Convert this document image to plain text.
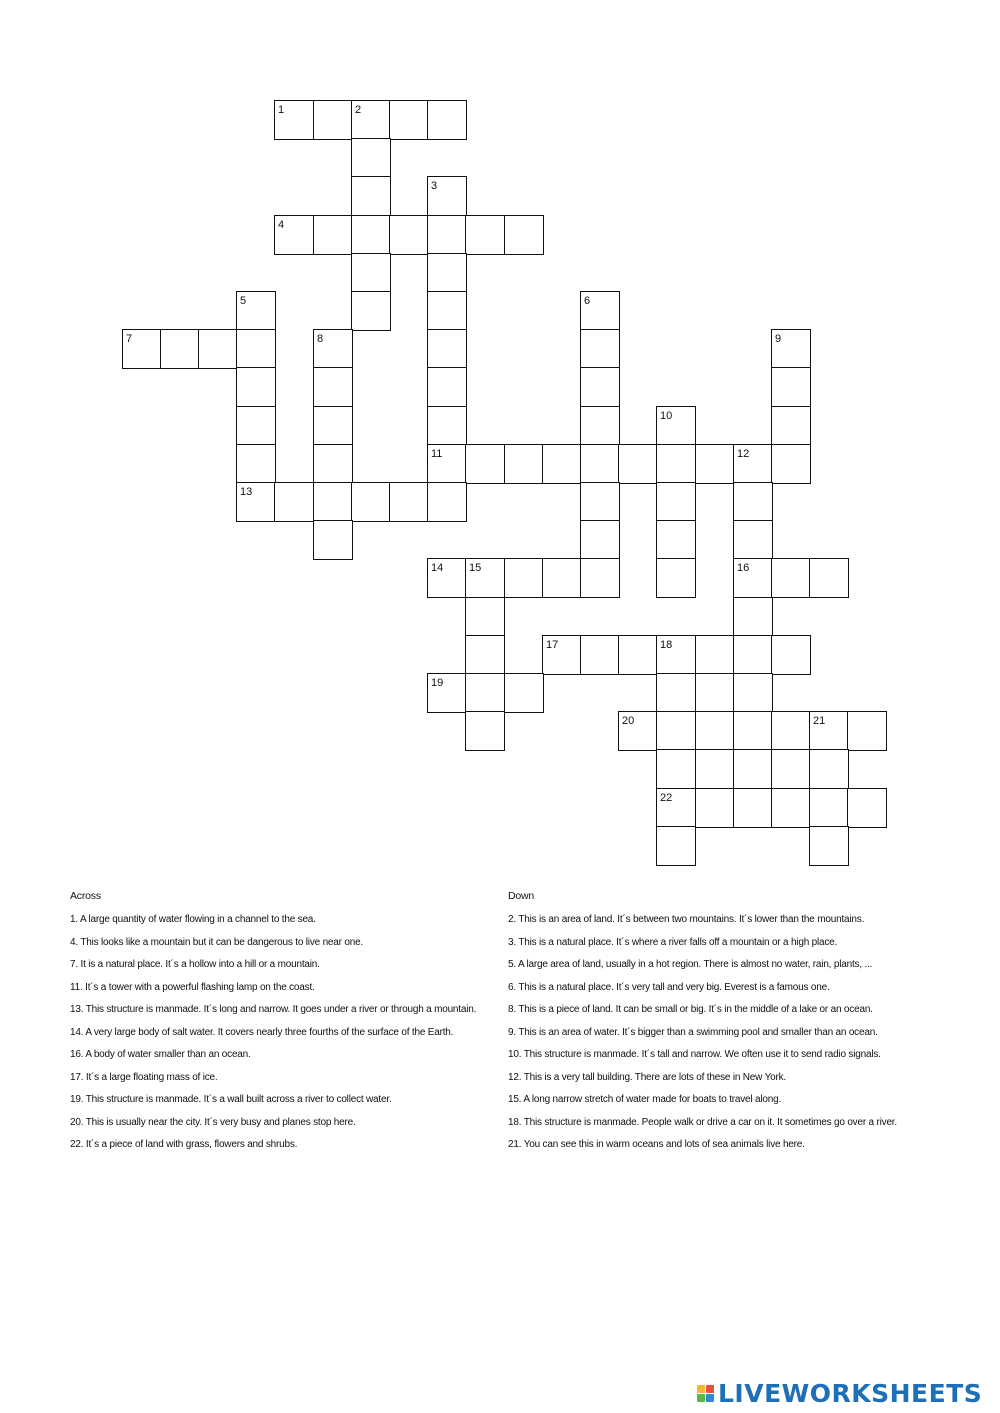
1	2
3
4
5	6
7	8	9
10
11	12
13
14 15	16
17	18
19
20	21
22
Across
1. A large quantity of water flowing in a channel to the sea.
4. This looks like a mountain but it can be dangerous to live near one.
7. It is a natural place. It´s a hollow into a hill or a mountain.
11. It´s a tower with a powerful flashing lamp on the coast.
13. This structure is manmade. It´s long and narrow. It goes under a river or through a mountain.
14. A very large body of salt water. It covers nearly three fourths of the surface of the Earth.
16. A body of water smaller than an ocean.
17. It´s a large floating mass of ice.
19. This structure is manmade. It´s a wall built across a river to collect water.
20. This is usually near the city. It´s very busy and planes stop here.
22. It´s a piece of land with grass, flowers and shrubs.
Down
2. This is an area of land. It´s between two mountains. It´s lower than the mountains.
3. This is a natural place. It´s where a river falls off a mountain or a high place.
5. A large area of land, usually in a hot region. There is almost no water, rain, plants, ...
6. This is a natural place. It´s very tall and very big. Everest is a famous one.
8. This is a piece of land. It can be small or big. It´s in the middle of a lake or an ocean.
9. This is an area of water. It´s bigger than a swimming pool and smaller than an ocean.
10. This structure is manmade. It´s tall and narrow. We often use it to send radio signals.
12. This is a very tall building. There are lots of these in New York.
15. A long narrow stretch of water made for boats to travel along.
18. This structure is manmade. People walk or drive a car on it. It sometimes go over a river.
21. You can see this in warm oceans and lots of sea animals live here.
LIVEWORKSHEETS
